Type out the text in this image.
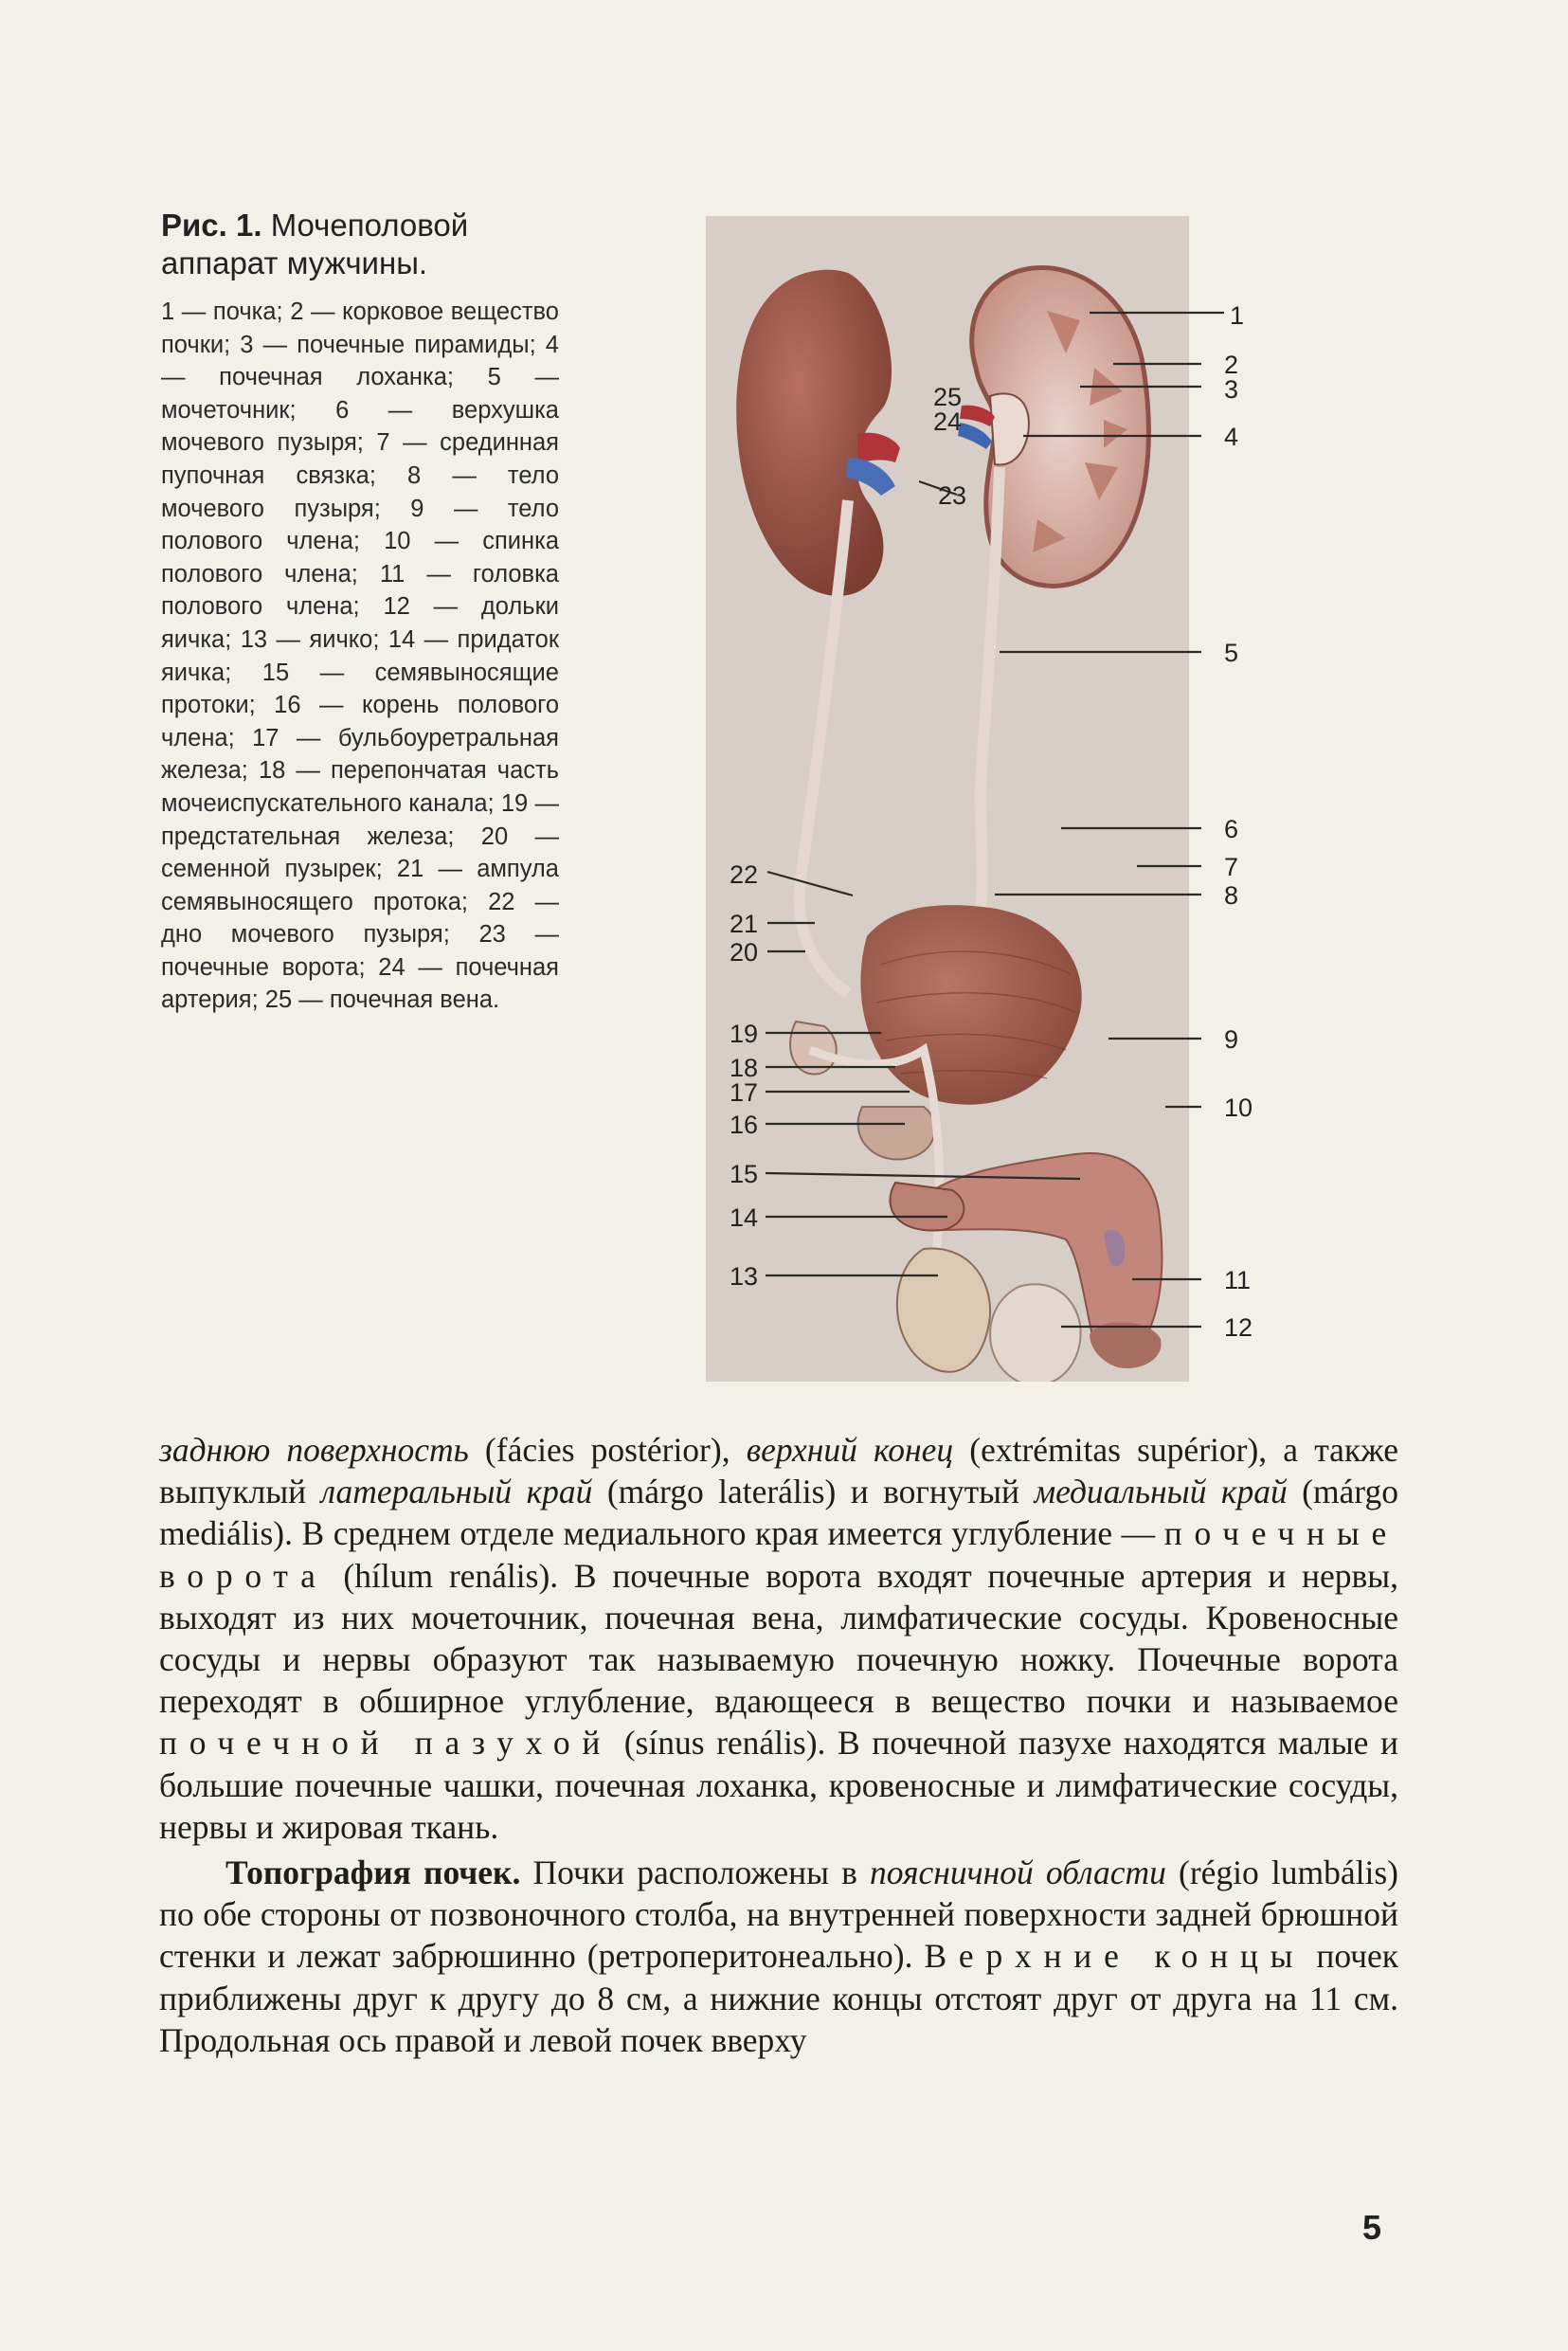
Рис. 1. Мочеполовой аппарат мужчины.

1 — почка; 2 — корковое вещество почки; 3 — почечные пирамиды; 4 — почечная лоханка; 5 — мочеточник; 6 — верхушка мочевого пузыря; 7 — срединная пупочная связка; 8 — тело мочевого пузыря; 9 — тело полового члена; 10 — спинка полового члена; 11 — головка полового члена; 12 — дольки яичка; 13 — яичко; 14 — придаток яичка; 15 — семявыносящие протоки; 16 — корень полового члена; 17 — бульбоуретральная железа; 18 — перепончатая часть мочеиспускательного канала; 19 — предстательная железа; 20 — семенной пузырек; 21 — ампула семявыносящего протока; 22 — дно мочевого пузыря; 23 — почечные ворота; 24 — почечная артерия; 25 — почечная вена.

1
2
3
4
5
6
7
8
9
10
11
12
22
21
20
19
18
17
16
15
14
13
25
24
23

заднюю поверхность (fácies postérior), верхний конец (extrémitas supérior), а также выпуклый латеральный край (márgo laterális) и вогнутый медиальный край (márgo mediális). В среднем отделе медиального края имеется углубление — почечные ворота (hílum renális). В почечные ворота входят почечные артерия и нервы, выходят из них мочеточник, почечная вена, лимфатические сосуды. Кровеносные сосуды и нервы образуют так называемую почечную ножку. Почечные ворота переходят в обширное углубление, вдающееся в вещество почки и называемое почечной пазухой (sínus renális). В почечной пазухе находятся малые и большие почечные чашки, почечная лоханка, кровеносные и лимфатические сосуды, нервы и жировая ткань.

Топография почек. Почки расположены в поясничной области (régio lumbális) по обе стороны от позвоночного столба, на внутренней поверхности задней брюшной стенки и лежат забрюшинно (ретроперитонеально). Верхние концы почек приближены друг к другу до 8 см, а нижние концы отстоят друг от друга на 11 см. Продольная ось правой и левой почек вверху

5
